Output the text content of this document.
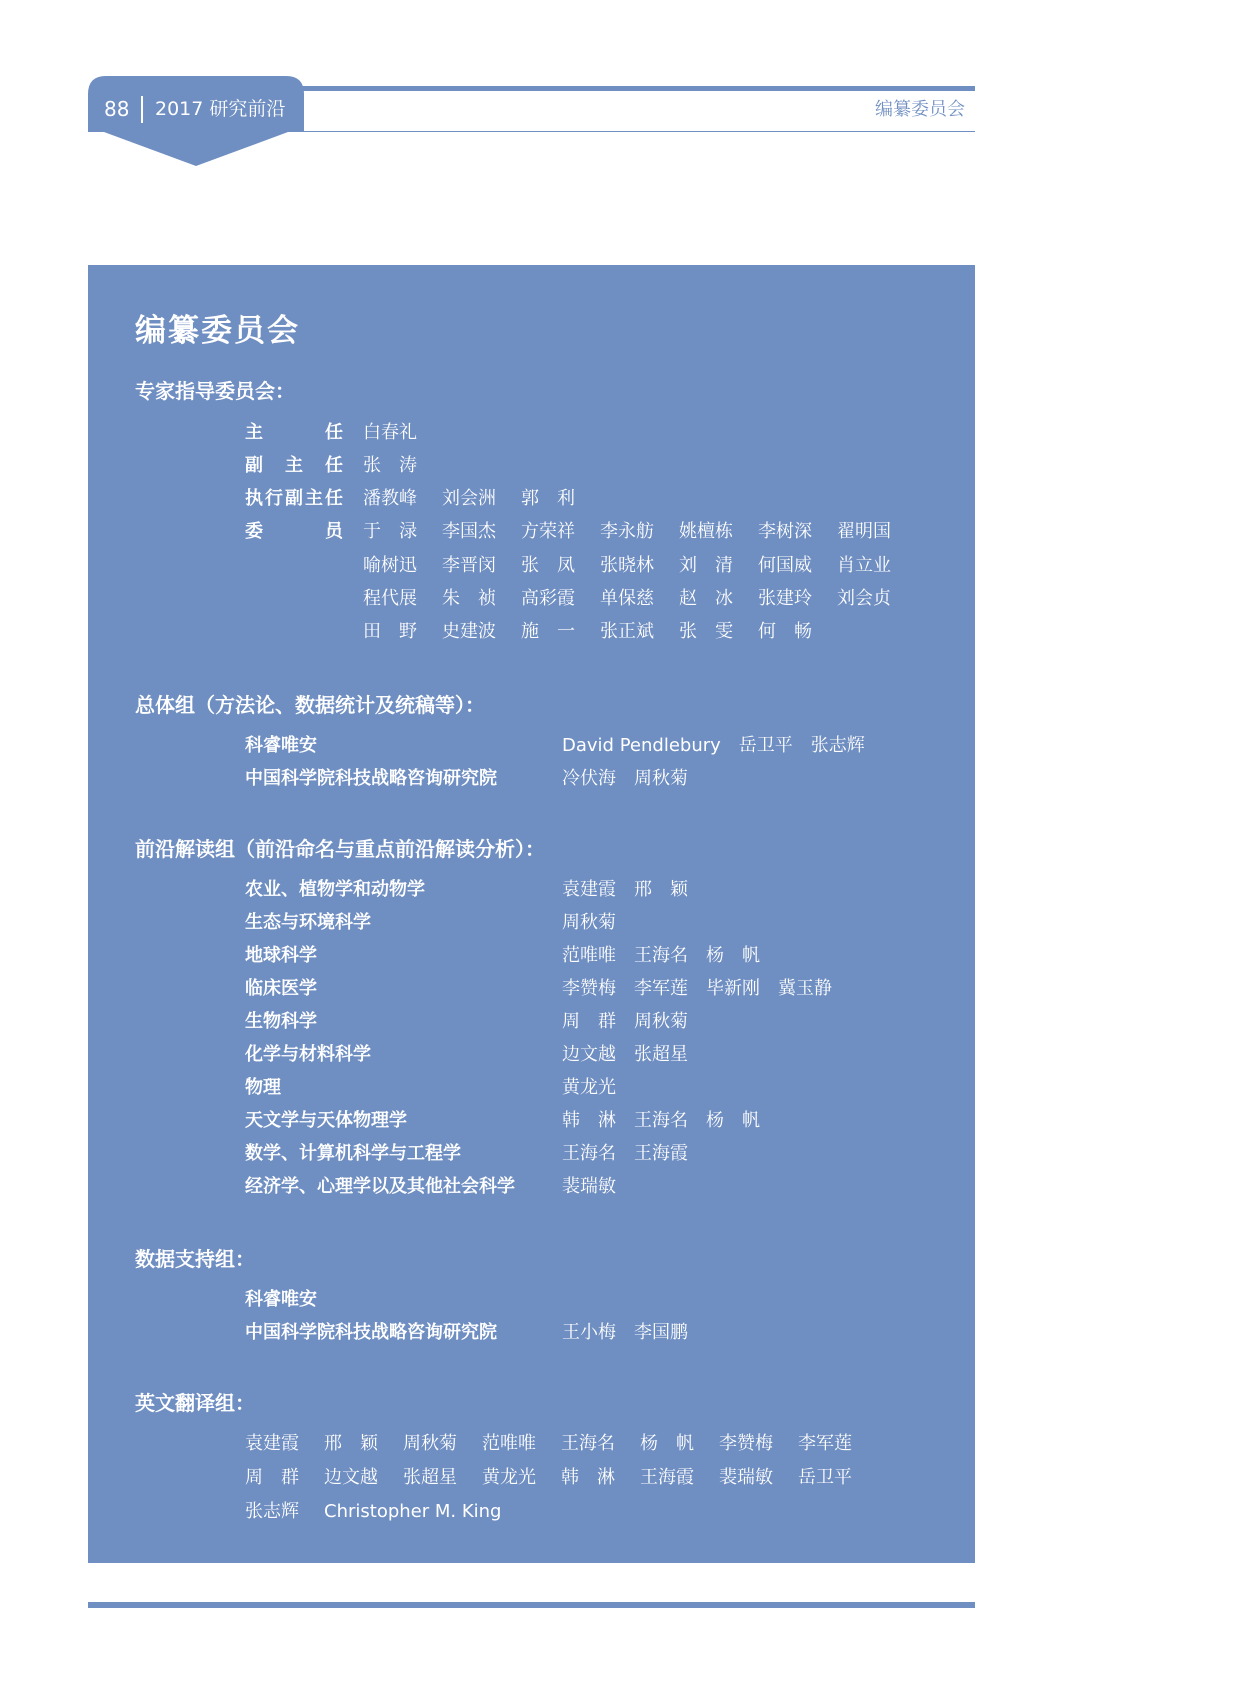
88 2017 研究前沿	编纂委员会
编纂委员会
专家指导委员会：
主	任 白春礼
副 主 任 张　涛
执 行 副 主 任 潘教峰 刘会洲 郭　利
委	员 于　渌 李国杰 方荣祥 李永舫 姚檀栋 李树深 翟明国
喻树迅 李晋闵 张　凤 张晓林 刘　清 何国威 肖立业
程代展 朱　祯 高彩霞 单保慈 赵　冰 张建玲 刘会贞
田　野 史建波 施　一 张正斌 张　雯 何　畅
总体组（方法论、数据统计及统稿等）：
科睿唯安	David Pendlebury 岳卫平 张志辉
中国科学院科技战略咨询研究院	冷伏海 周秋菊
前沿解读组（前沿命名与重点前沿解读分析）：
农业、植物学和动物学	袁建霞 邢　颖
生态与环境科学	周秋菊
地球科学	范唯唯 王海名 杨　帆
临床医学	李赞梅 李军莲 毕新刚 冀玉静
生物科学	周　群 周秋菊
化学与材料科学	边文越 张超星
物理	黄龙光
天文学与天体物理学	韩　淋 王海名 杨　帆
数学、计算机科学与工程学	王海名 王海霞
经济学、心理学以及其他社会科学	裴瑞敏
数据支持组：
科睿唯安
中国科学院科技战略咨询研究院	王小梅 李国鹏
英文翻译组：
袁建霞 邢　颖 周秋菊 范唯唯 王海名 杨　帆 李赞梅 李军莲
周　群 边文越 张超星 黄龙光 韩　淋 王海霞 裴瑞敏 岳卫平
张志辉 Christopher M. King
